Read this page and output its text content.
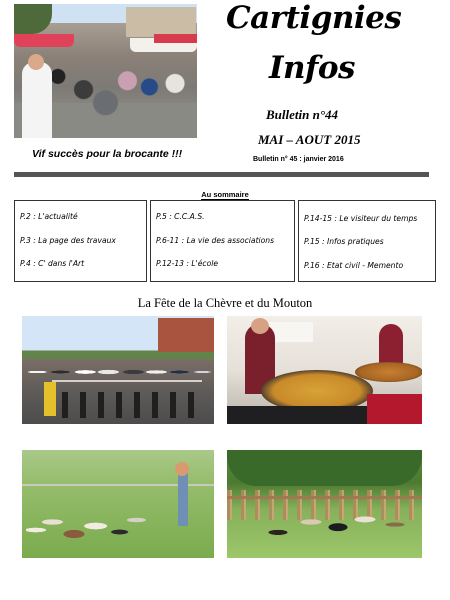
Cartignies
Infos
Bulletin n°44
MAI – AOUT 2015
Bulletin n° 45 : janvier 2016
Vif succès pour la brocante !!!
Au sommaire
P.2 : L'actualité
P.3 : La page des travaux
P.4 : C' dans l'Art
P.5 : C.C.A.S.
P.6-11 : La vie des associations
P.12-13 : L'école
P.14-15 : Le visiteur du temps
P.15 : Infos pratiques
P.16 : Etat civil - Memento
La Fête de la Chèvre et du Mouton
